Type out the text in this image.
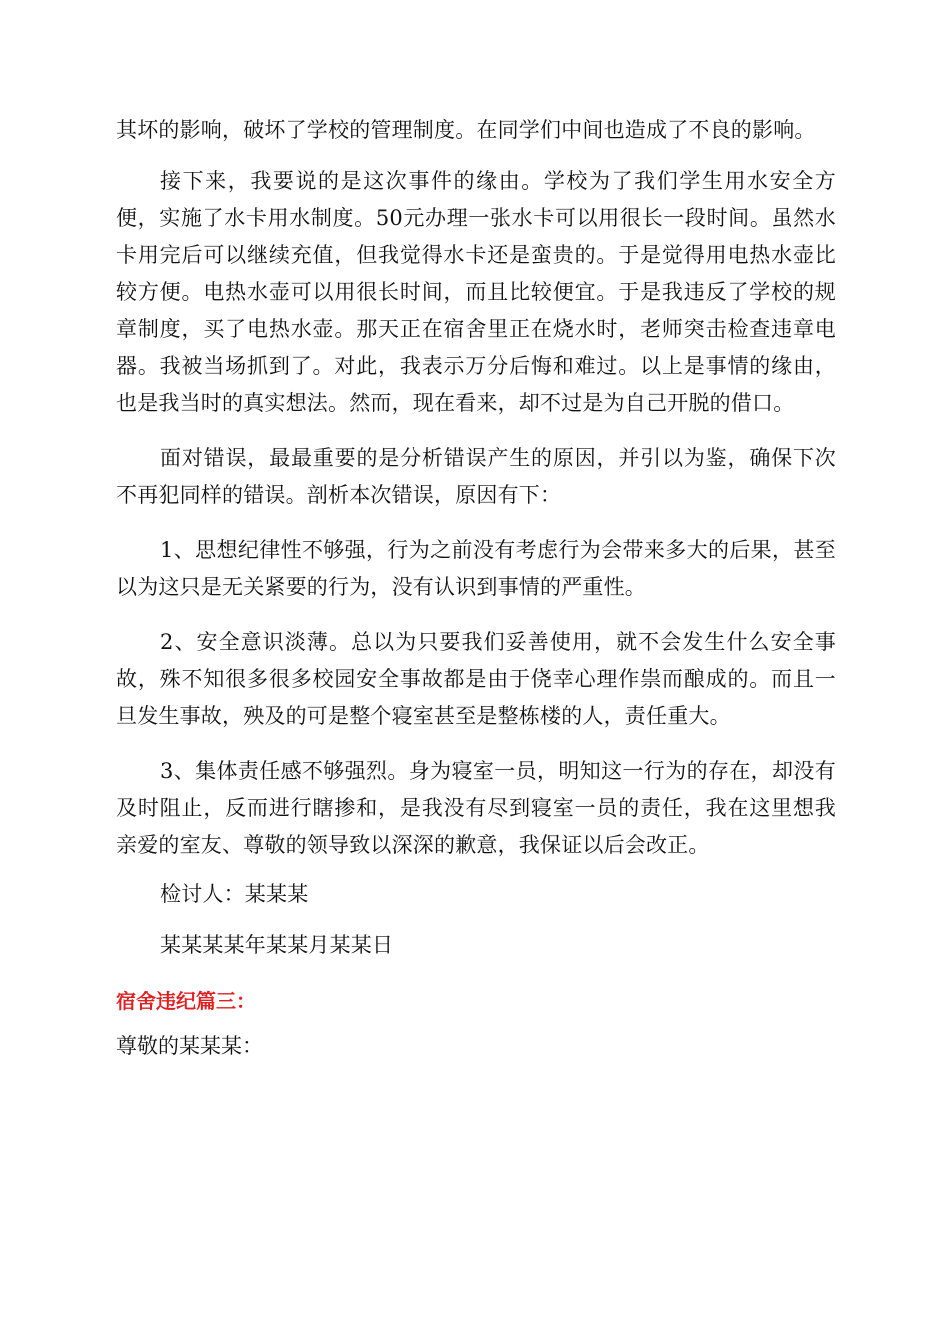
其坏的影响，破坏了学校的管理制度。在同学们中间也造成了不良的影响。

接下来，我要说的是这次事件的缘由。学校为了我们学生用水安全方便，实施了水卡用水制度。50元办理一张水卡可以用很长一段时间。虽然水卡用完后可以继续充值，但我觉得水卡还是蛮贵的。于是觉得用电热水壶比较方便。电热水壶可以用很长时间，而且比较便宜。于是我违反了学校的规章制度，买了电热水壶。那天正在宿舍里正在烧水时，老师突击检查违章电器。我被当场抓到了。对此，我表示万分后悔和难过。以上是事情的缘由，也是我当时的真实想法。然而，现在看来，却不过是为自己开脱的借口。

面对错误，最最重要的是分析错误产生的原因，并引以为鉴，确保下次不再犯同样的错误。剖析本次错误，原因有下：

1、思想纪律性不够强，行为之前没有考虑行为会带来多大的后果，甚至以为这只是无关紧要的行为，没有认识到事情的严重性。

2、安全意识淡薄。总以为只要我们妥善使用，就不会发生什么安全事故，殊不知很多很多校园安全事故都是由于侥幸心理作祟而酿成的。而且一旦发生事故，殃及的可是整个寝室甚至是整栋楼的人，责任重大。

3、集体责任感不够强烈。身为寝室一员，明知这一行为的存在，却没有及时阻止，反而进行瞎掺和，是我没有尽到寝室一员的责任，我在这里想我亲爱的室友、尊敬的领导致以深深的歉意，我保证以后会改正。

检讨人：某某某

某某某某年某某月某某日

宿舍违纪篇三：

尊敬的某某某：
